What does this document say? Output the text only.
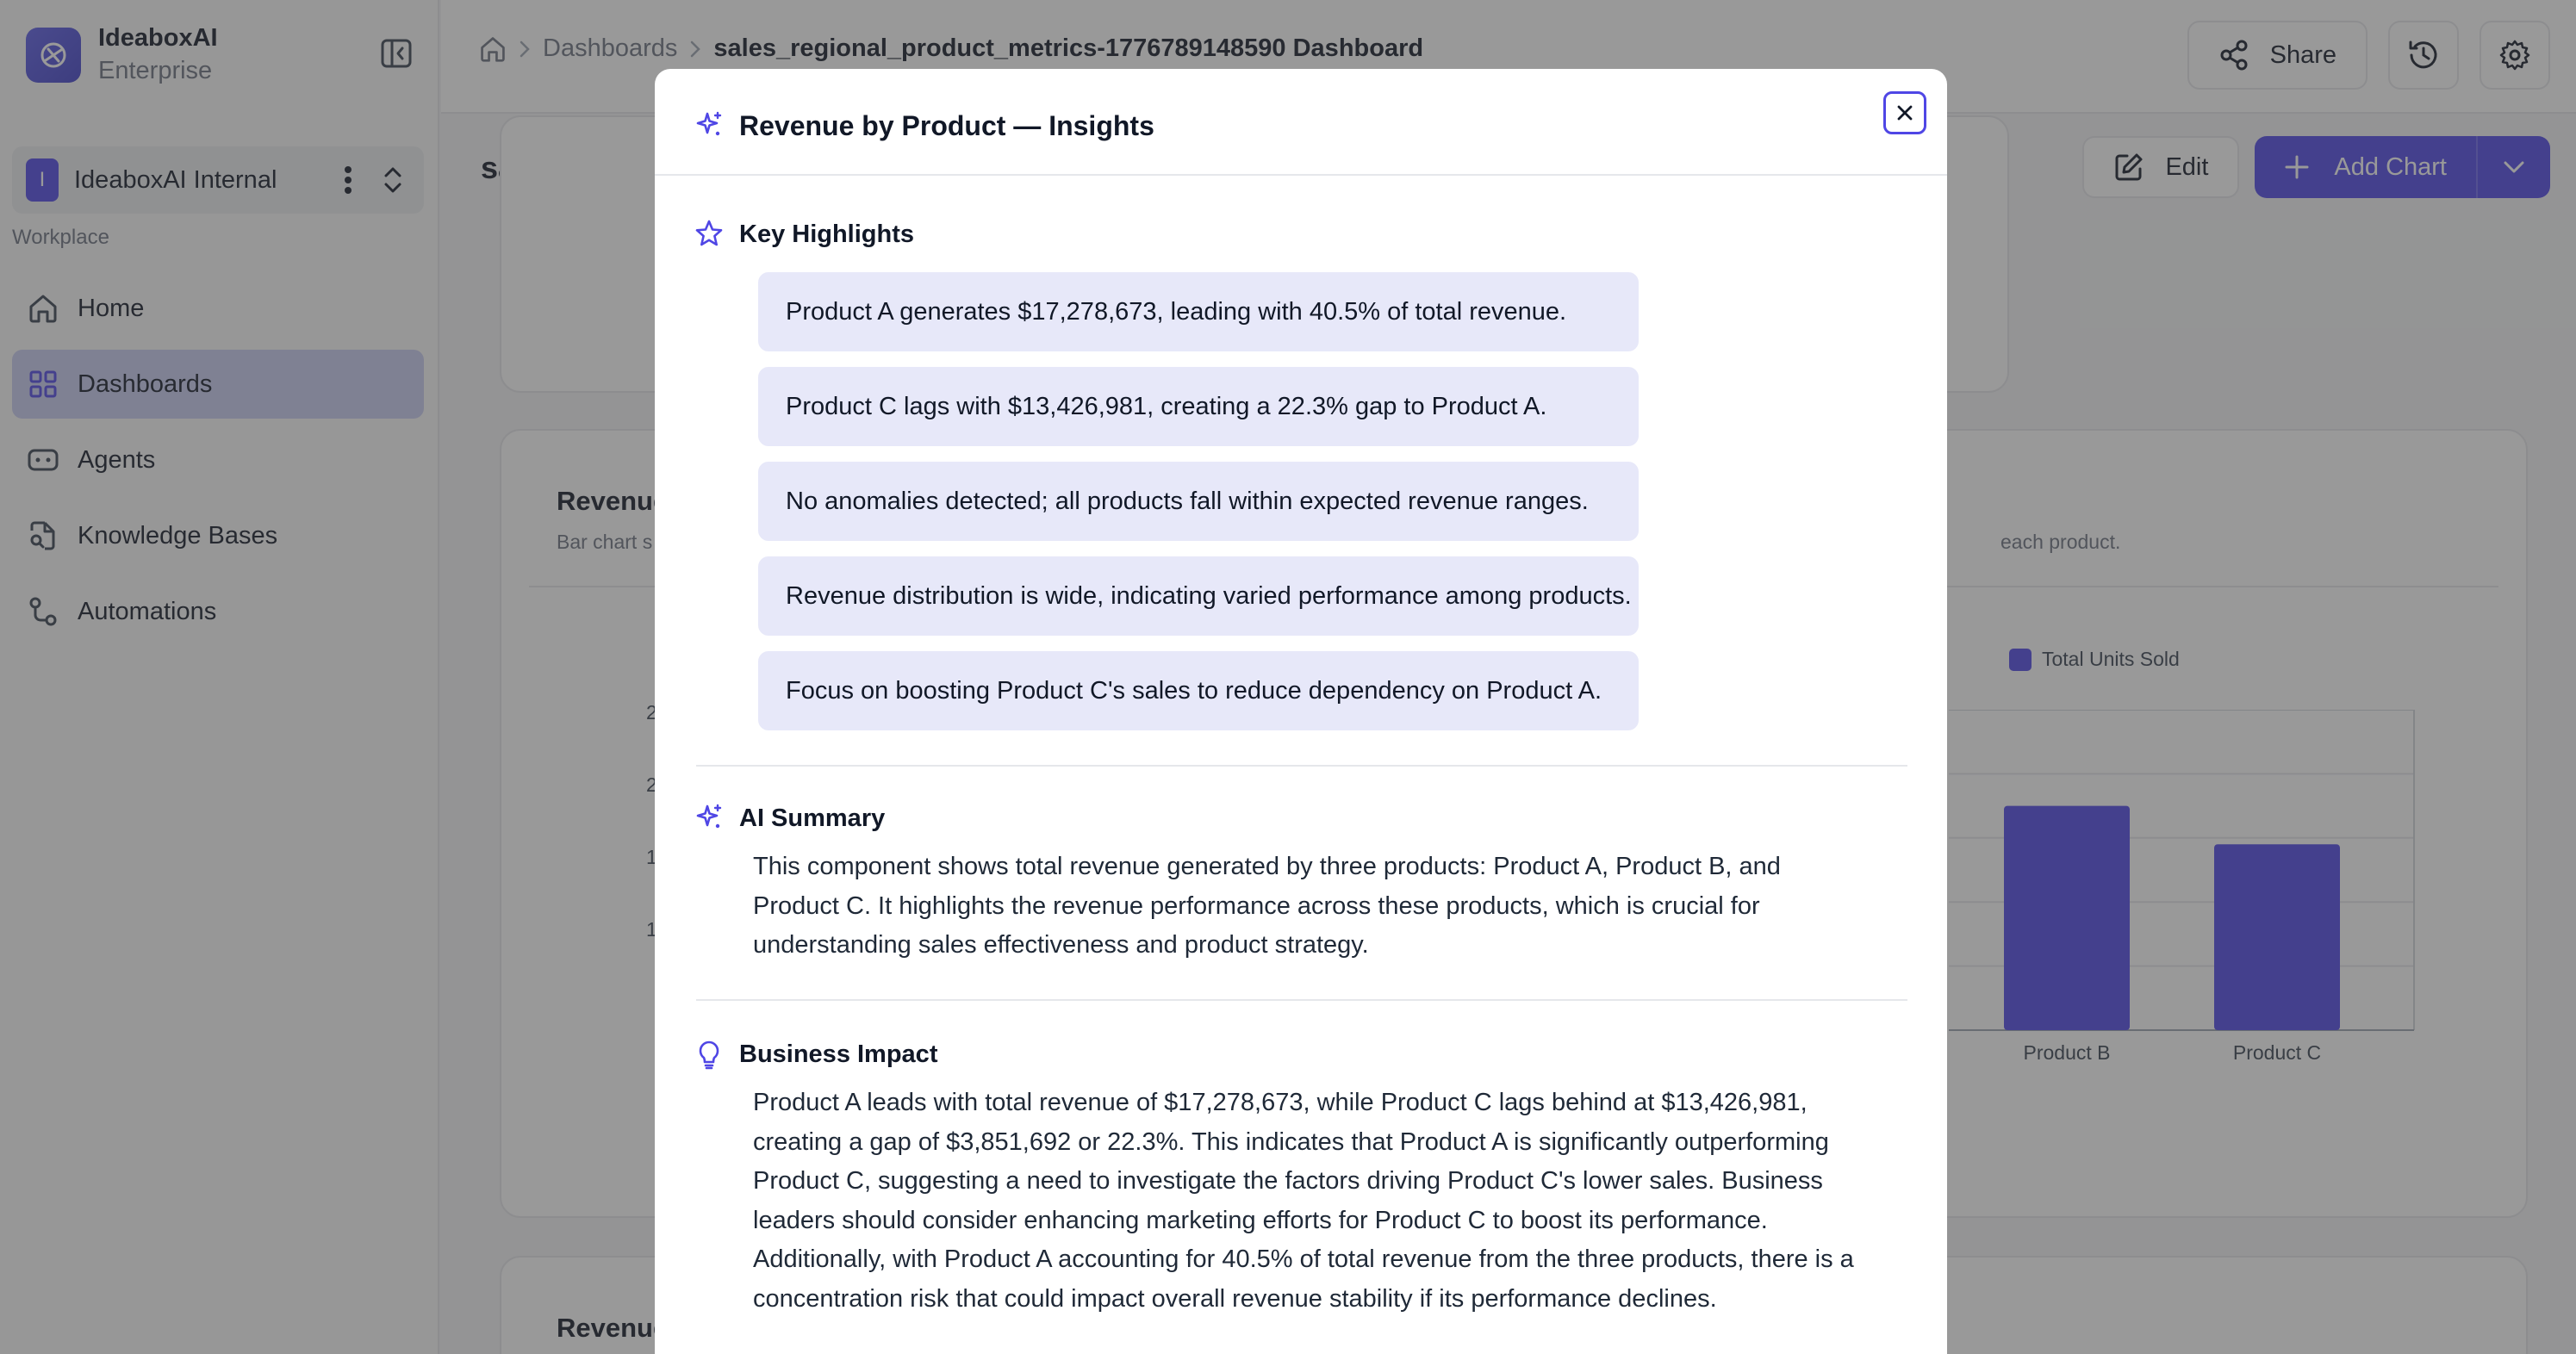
Revenue by Product — Insights
Key Highlights
Product A generates $17,278,673, leading with 40.5% of total revenue.
Product C lags with $13,426,981, creating a 22.3% gap to Product A.
No anomalies detected; all products fall within expected revenue ranges.
Revenue distribution is wide, indicating varied performance among products.
Focus on boosting Product C's sales to reduce dependency on Product A.
AI Summary
This component shows total revenue generated by three products: Product A, Product B, and
Product C. It highlights the revenue performance across these products, which is crucial for
understanding sales effectiveness and product strategy.
Business Impact
Product A leads with total revenue of $17,278,673, while Product C lags behind at $13,426,981,
creating a gap of $3,851,692 or 22.3%. This indicates that Product A is significantly outperforming
Product C, suggesting a need to investigate the factors driving Product C's lower sales. Business
leaders should consider enhancing marketing efforts for Product C to boost its performance.
Additionally, with Product A accounting for 40.5% of total revenue from the three products, there is a
concentration risk that could impact overall revenue stability if its performance declines.
